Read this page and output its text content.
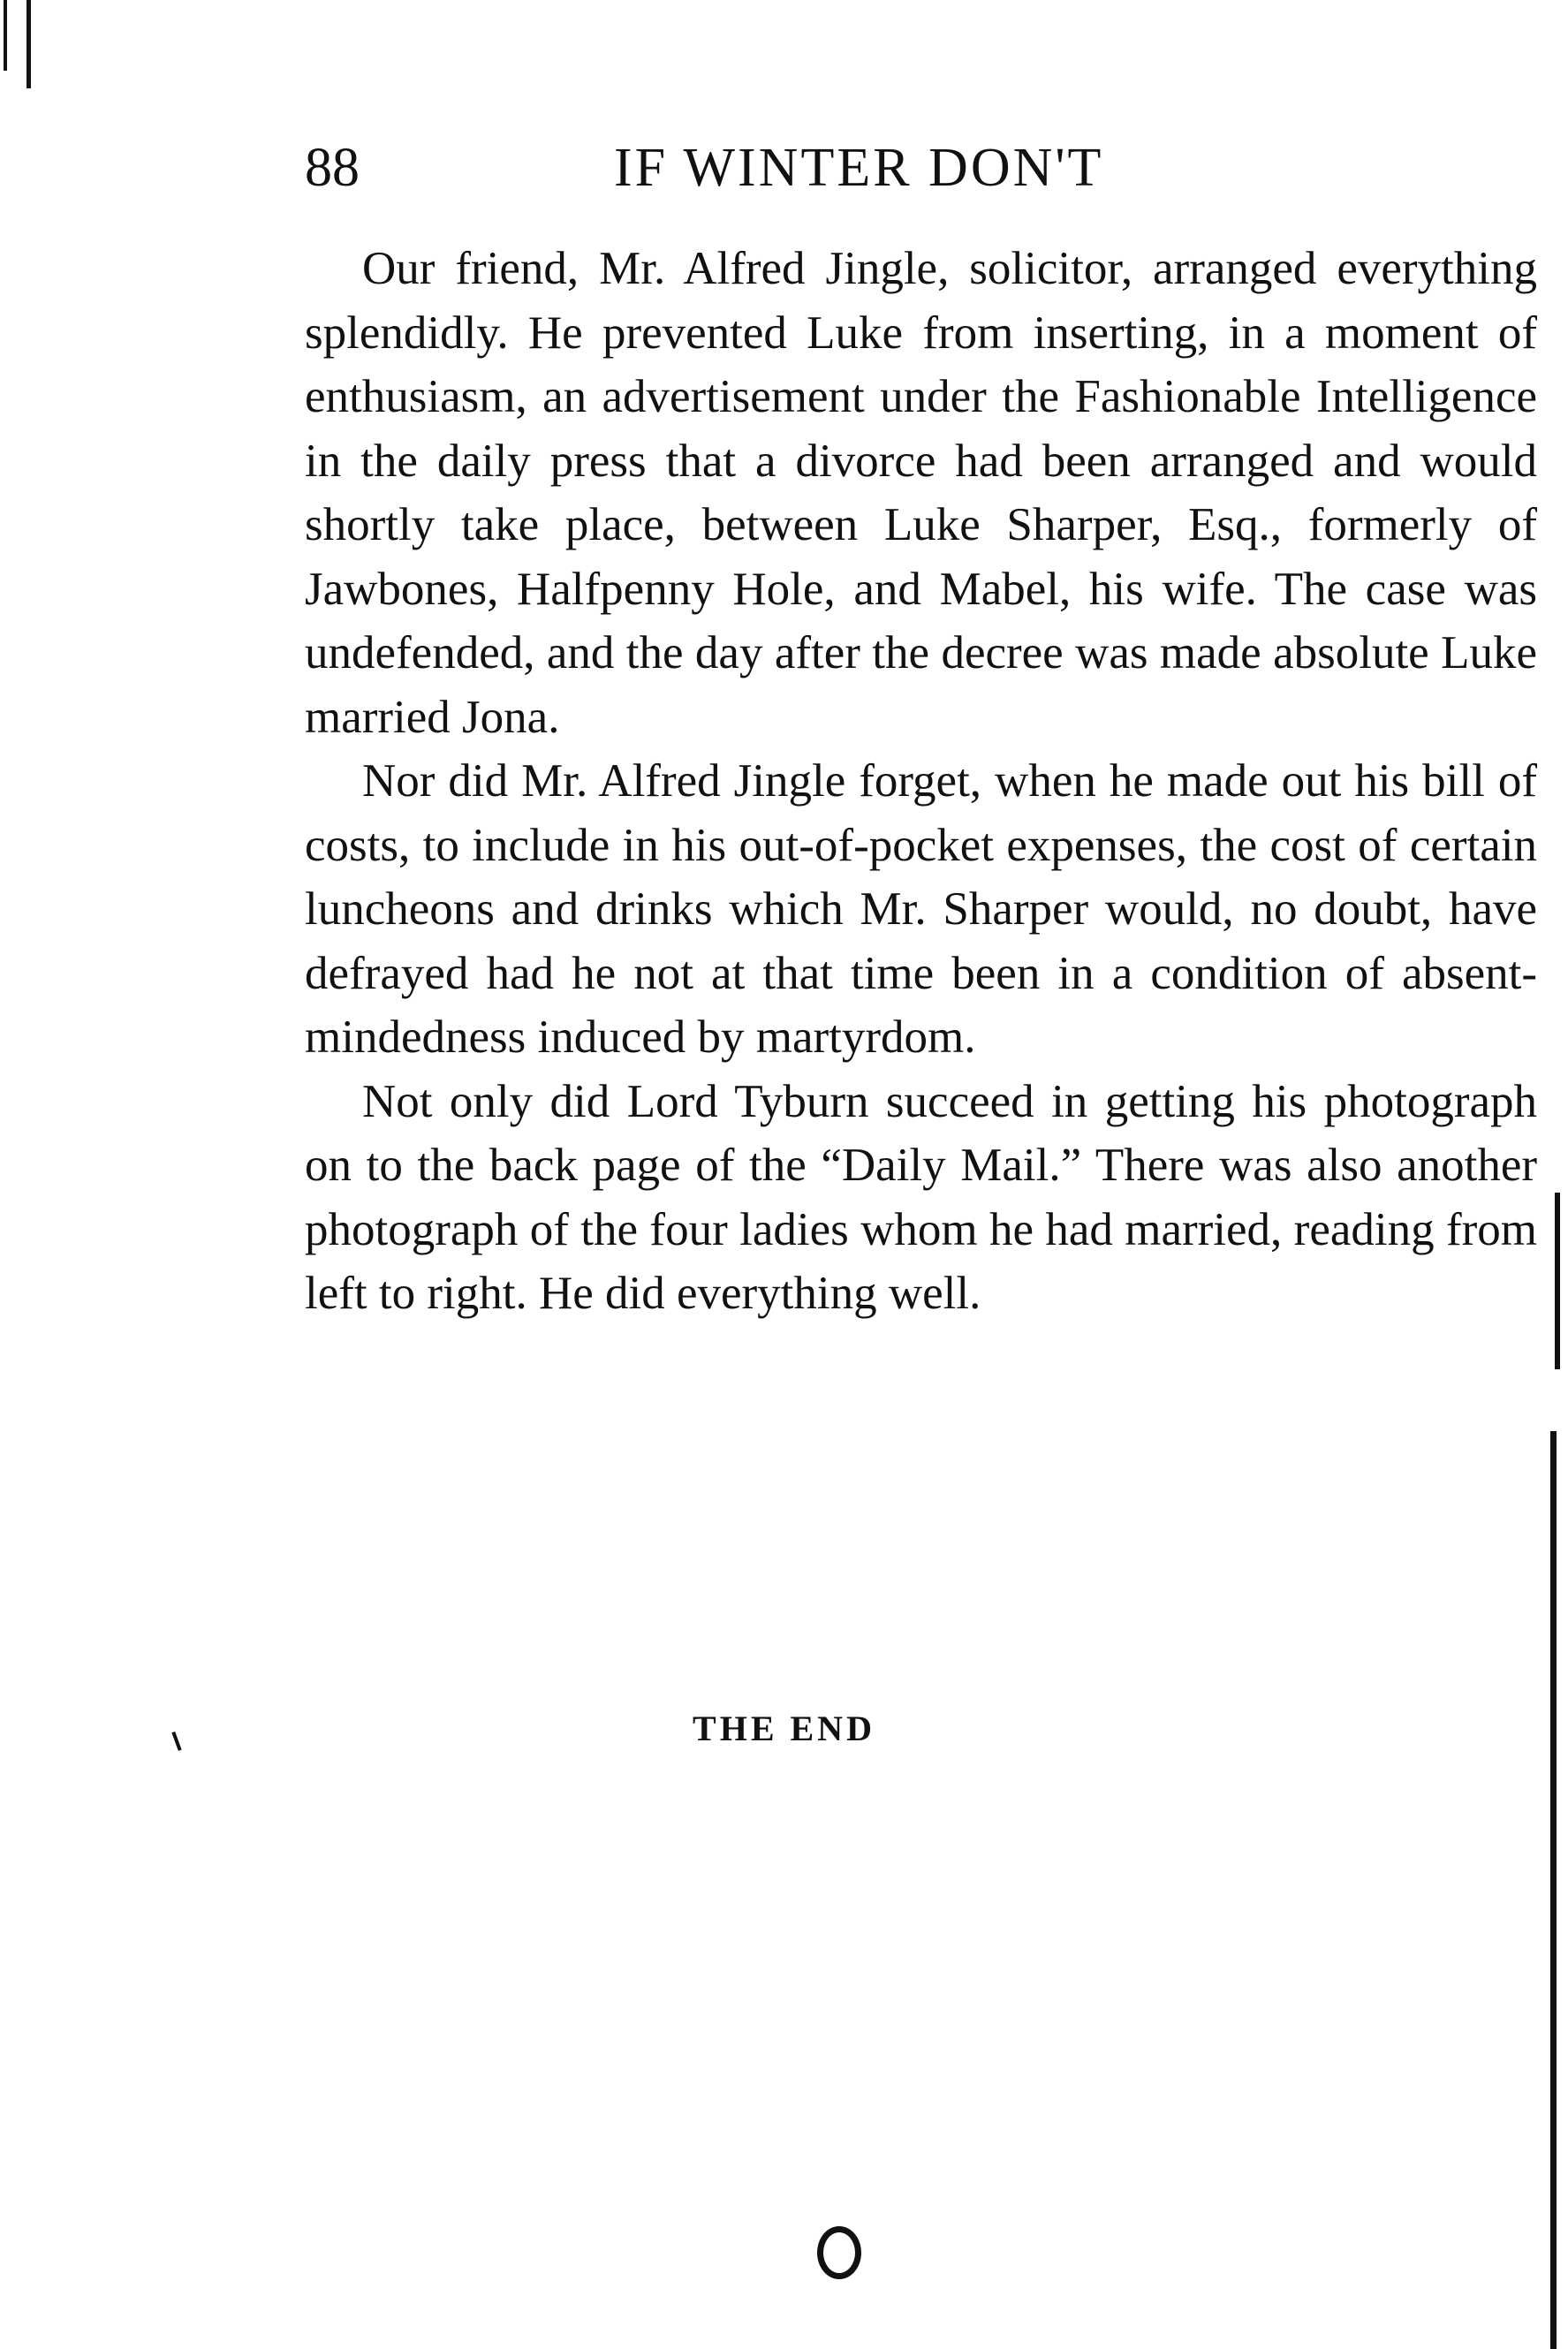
88	IF WINTER DON'T

Our friend, Mr. Alfred Jingle, solicitor, arranged everything splendidly. He prevented Luke from inserting, in a moment of enthusiasm, an advertisement under the Fashionable Intelligence in the daily press that a divorce had been arranged and would shortly take place, between Luke Sharper, Esq., formerly of Jawbones, Halfpenny Hole, and Mabel, his wife. The case was undefended, and the day after the decree was made absolute Luke married Jona.

Nor did Mr. Alfred Jingle forget, when he made out his bill of costs, to include in his out-of-pocket expenses, the cost of certain luncheons and drinks which Mr. Sharper would, no doubt, have defrayed had he not at that time been in a condition of absent-mindedness induced by martyrdom.

Not only did Lord Tyburn succeed in getting his photograph on to the back page of the “Daily Mail.” There was also another photograph of the four ladies whom he had married, reading from left to right. He did everything well.

THE END
